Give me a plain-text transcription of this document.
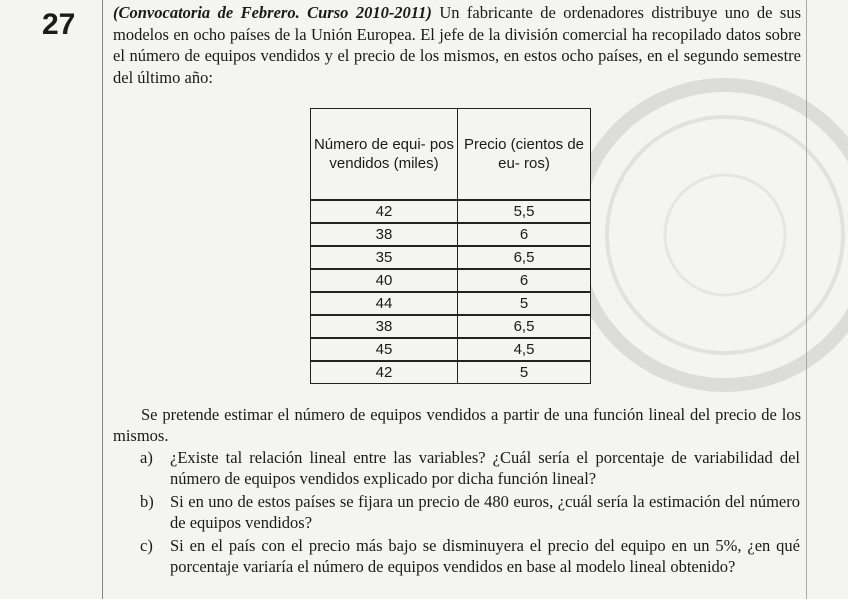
27 (Convocatoria de Febrero. Curso 2010-2011) Un fabricante de ordenadores distribuye uno de sus modelos en ocho países de la Unión Europea. El jefe de la división comercial ha recopilado datos sobre el número de equipos vendidos y el precio de los mismos, en estos ocho países, en el segundo semestre del último año:
Número de equi- pos vendidos (miles)	Precio (cientos de eu- ros)
42	5,5
38	6
35	6,5
40	6
44	5
38	6,5
45	4,5
42	5
Se pretende estimar el número de equipos vendidos a partir de una función lineal del precio de los mismos.
a) ¿Existe tal relación lineal entre las variables? ¿Cuál sería el porcentaje de variabilidad del número de equipos vendidos explicado por dicha función lineal?
b) Si en uno de estos países se fijara un precio de 480 euros, ¿cuál sería la estimación del número de equipos vendidos?
c) Si en el país con el precio más bajo se disminuyera el precio del equipo en un 5%, ¿en qué porcentaje variaría el número de equipos vendidos en base al modelo lineal obtenido?
